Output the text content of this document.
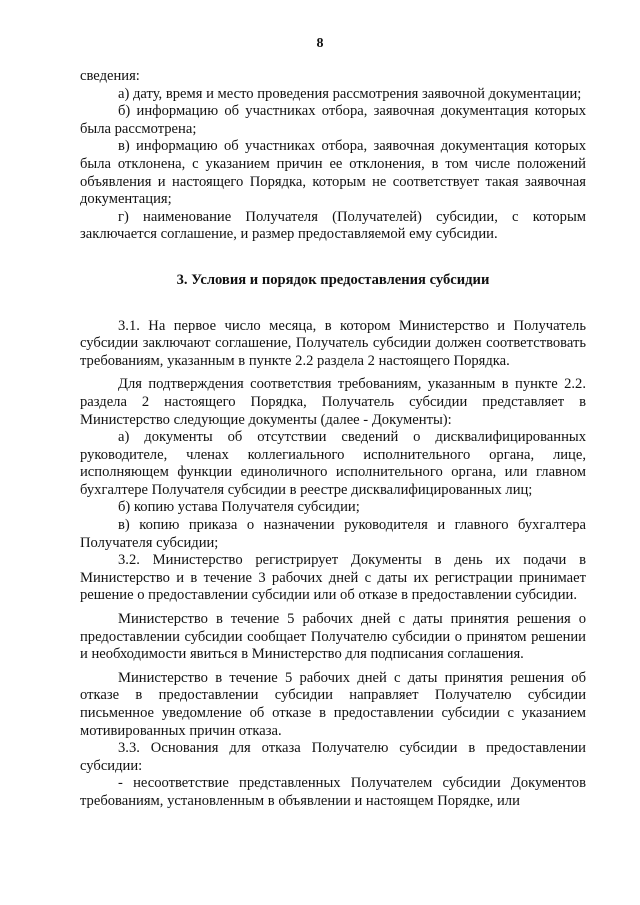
8

сведения:

а) дату, время и место проведения рассмотрения заявочной документации;

б) информацию об участниках отбора, заявочная документация которых была рассмотрена;

в) информацию об участниках отбора, заявочная документация которых была отклонена, с указанием причин ее отклонения, в том числе положений объявления и настоящего Порядка, которым не соответствует такая заявочная документация;

г) наименование Получателя (Получателей) субсидии, с которым заключается соглашение, и размер предоставляемой ему субсидии.

3. Условия и порядок предоставления субсидии

3.1. На первое число месяца, в котором Министерство и Получатель субсидии заключают соглашение, Получатель субсидии должен соответствовать требованиям, указанным в пункте 2.2 раздела 2 настоящего Порядка.

Для подтверждения соответствия требованиям, указанным в пункте 2.2. раздела 2 настоящего Порядка, Получатель субсидии представляет в Министерство следующие документы (далее - Документы):

а) документы об отсутствии сведений о дисквалифицированных руководителе, членах коллегиального исполнительного органа, лице, исполняющем функции единоличного исполнительного органа, или главном бухгалтере Получателя субсидии в реестре дисквалифицированных лиц;

б) копию устава Получателя субсидии;

в) копию приказа о назначении руководителя и главного бухгалтера Получателя субсидии;

3.2. Министерство регистрирует Документы в день их подачи в Министерство и в течение 3 рабочих дней с даты их регистрации принимает решение о предоставлении субсидии или об отказе в предоставлении субсидии.

Министерство в течение 5 рабочих дней с даты принятия решения о предоставлении субсидии сообщает Получателю субсидии о принятом решении и необходимости явиться в Министерство для подписания соглашения.

Министерство в течение 5 рабочих дней с даты принятия решения об отказе в предоставлении субсидии направляет Получателю субсидии письменное уведомление об отказе в предоставлении субсидии с указанием мотивированных причин отказа.

3.3. Основания для отказа Получателю субсидии в предоставлении субсидии:

- несоответствие представленных Получателем субсидии Документов требованиям, установленным в объявлении и настоящем Порядке, или
